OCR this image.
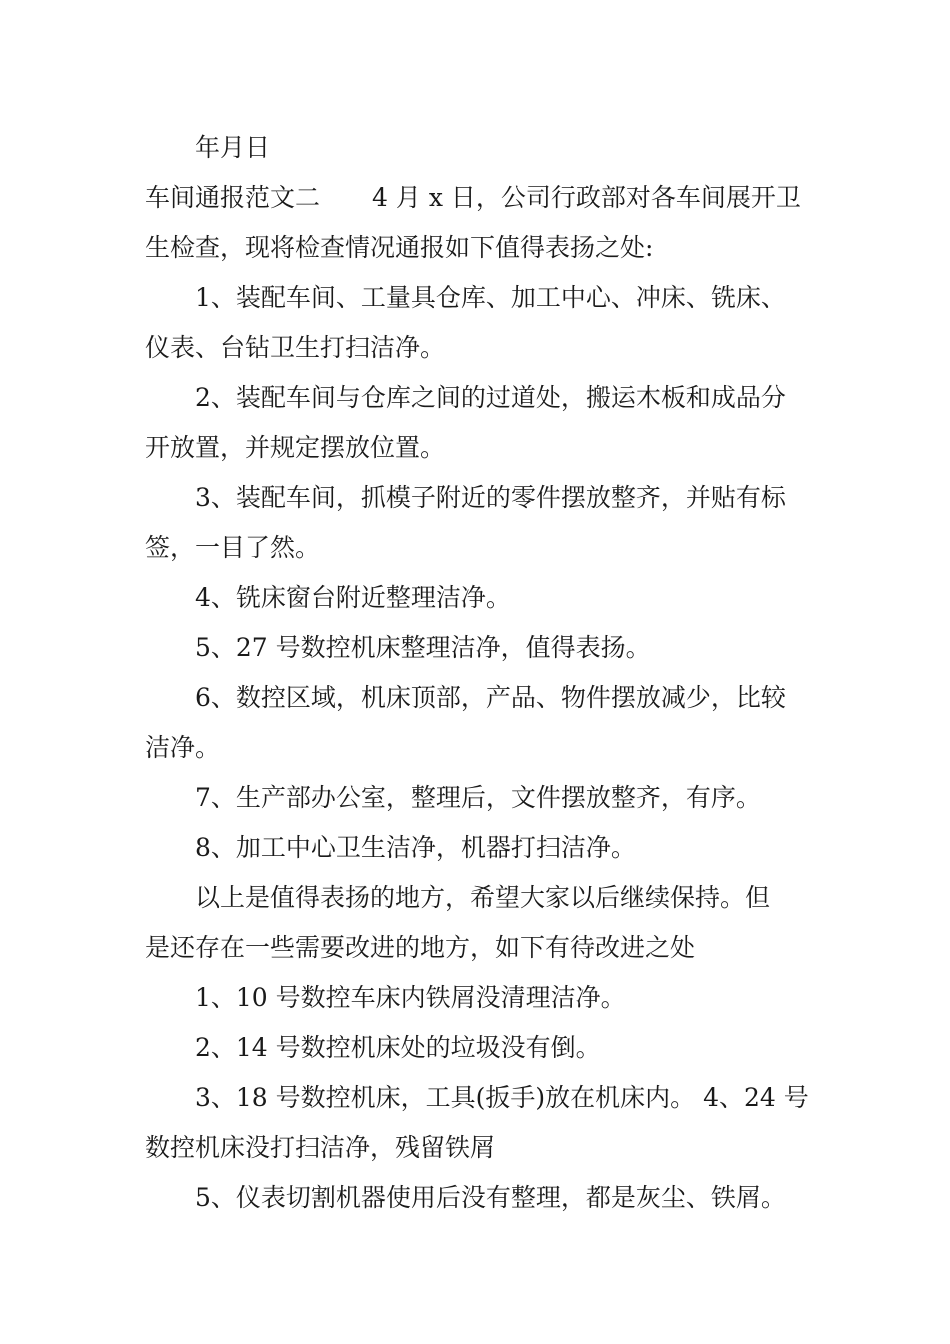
年月日
车间通报范文二 4 月 x 日，公司行政部对各车间展开卫
生检查，现将检查情况通报如下值得表扬之处:
1、装配车间、工量具仓库、加工中心、冲床、铣床、
仪表、台钻卫生打扫洁净。
2、装配车间与仓库之间的过道处，搬运木板和成品分
开放置，并规定摆放位置。
3、装配车间，抓模子附近的零件摆放整齐，并贴有标
签，一目了然。
4、铣床窗台附近整理洁净。
5、27 号数控机床整理洁净，值得表扬。
6、数控区域，机床顶部，产品、物件摆放减少，比较
洁净。
7、生产部办公室，整理后，文件摆放整齐，有序。
8、加工中心卫生洁净，机器打扫洁净。
以上是值得表扬的地方，希望大家以后继续保持。但
是还存在一些需要改进的地方，如下有待改进之处
1、10 号数控车床内铁屑没清理洁净。
2、14 号数控机床处的垃圾没有倒。
3、18 号数控机床，工具(扳手)放在机床内。 4、24 号
数控机床没打扫洁净，残留铁屑
5、仪表切割机器使用后没有整理，都是灰尘、铁屑。
